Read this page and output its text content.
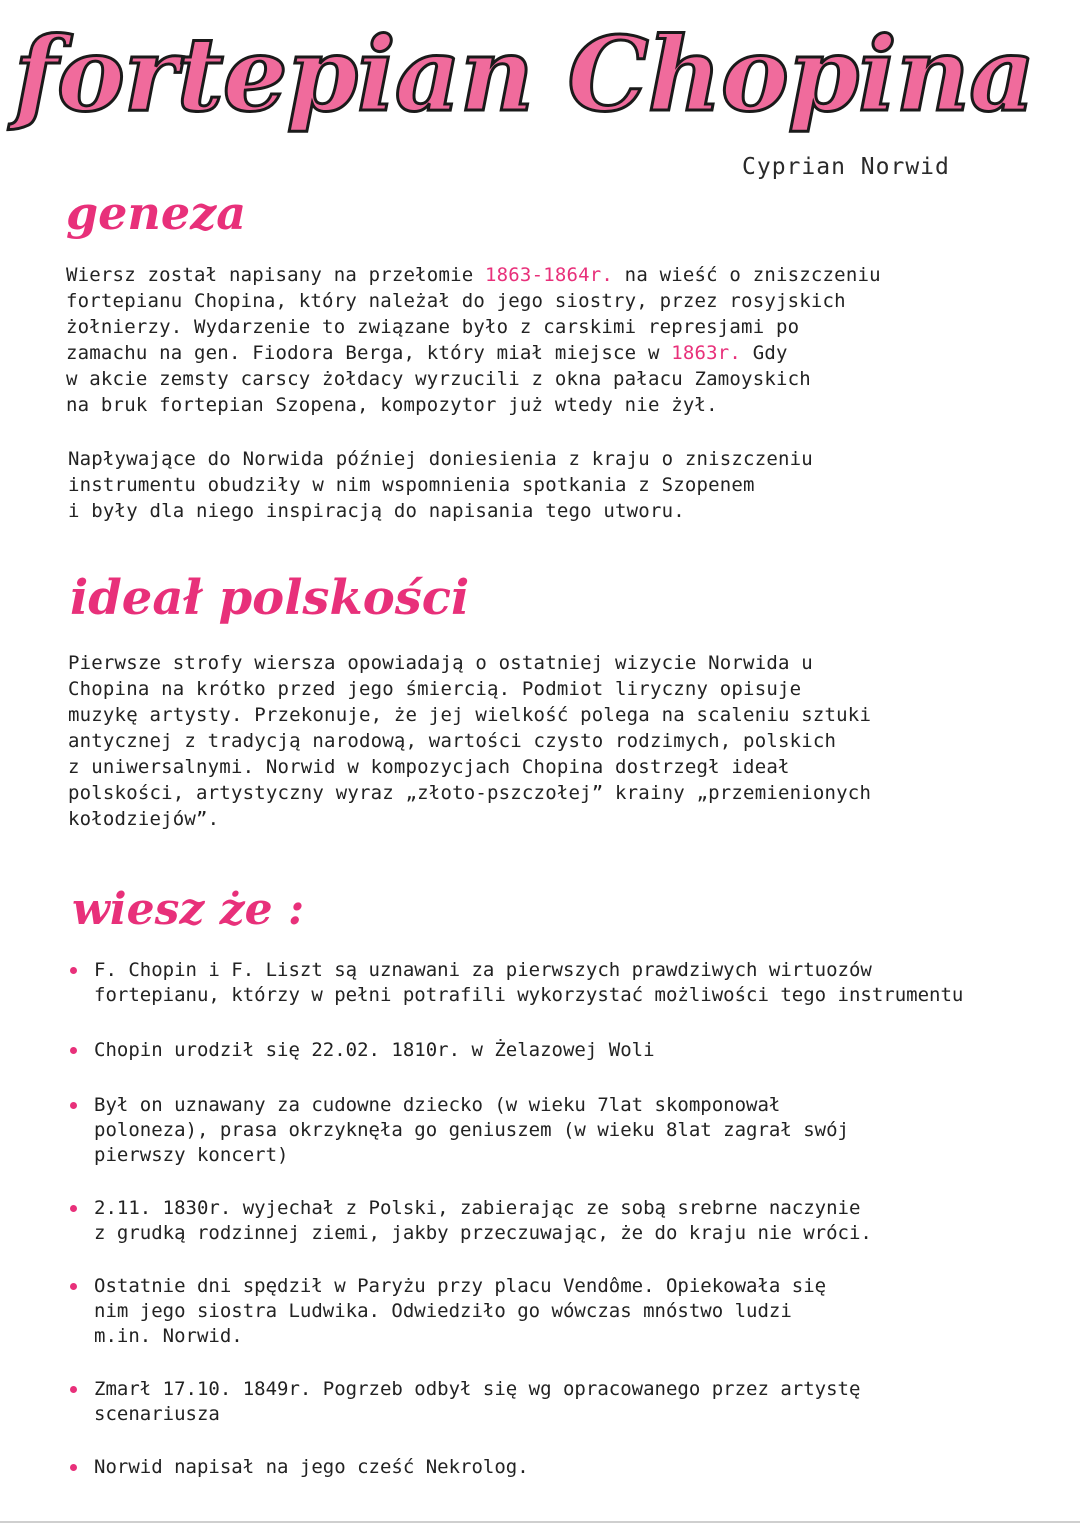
fortepian Chopina
Cyprian Norwid
geneza
Wiersz został napisany na przełomie 1863-1864r. na wieść o zniszczeniu
fortepianu Chopina, który należał do jego siostry, przez rosyjskich
żołnierzy. Wydarzenie to związane było z carskimi represjami po
zamachu na gen. Fiodora Berga, który miał miejsce w 1863r. Gdy
w akcie zemsty carscy żołdacy wyrzucili z okna pałacu Zamoyskich
na bruk fortepian Szopena, kompozytor już wtedy nie żył.
Napływające do Norwida później doniesienia z kraju o zniszczeniu
instrumentu obudziły w nim wspomnienia spotkania z Szopenem
i były dla niego inspiracją do napisania tego utworu.
ideał polskości
Pierwsze strofy wiersza opowiadają o ostatniej wizycie Norwida u
Chopina na krótko przed jego śmiercią. Podmiot liryczny opisuje
muzykę artysty. Przekonuje, że jej wielkość polega na scaleniu sztuki
antycznej z tradycją narodową, wartości czysto rodzimych, polskich
z uniwersalnymi. Norwid w kompozycjach Chopina dostrzegł ideał
polskości, artystyczny wyraz „złoto-pszczołej” krainy „przemienionych
kołodziejów”.
wiesz że :
F. Chopin i F. Liszt są uznawani za pierwszych prawdziwych wirtuozów
fortepianu, którzy w pełni potrafili wykorzystać możliwości tego instrumentu
Chopin urodził się 22.02. 1810r. w Żelazowej Woli
Był on uznawany za cudowne dziecko (w wieku 7lat skomponował
poloneza), prasa okrzyknęła go geniuszem (w wieku 8lat zagrał swój
pierwszy koncert)
2.11. 1830r. wyjechał z Polski, zabierając ze sobą srebrne naczynie
z grudką rodzinnej ziemi, jakby przeczuwając, że do kraju nie wróci.
Ostatnie dni spędził w Paryżu przy placu Vendôme. Opiekowała się
nim jego siostra Ludwika. Odwiedziło go wówczas mnóstwo ludzi
m.in. Norwid.
Zmarł 17.10. 1849r. Pogrzeb odbył się wg opracowanego przez artystę
scenariusza
Norwid napisał na jego cześć Nekrolog.
